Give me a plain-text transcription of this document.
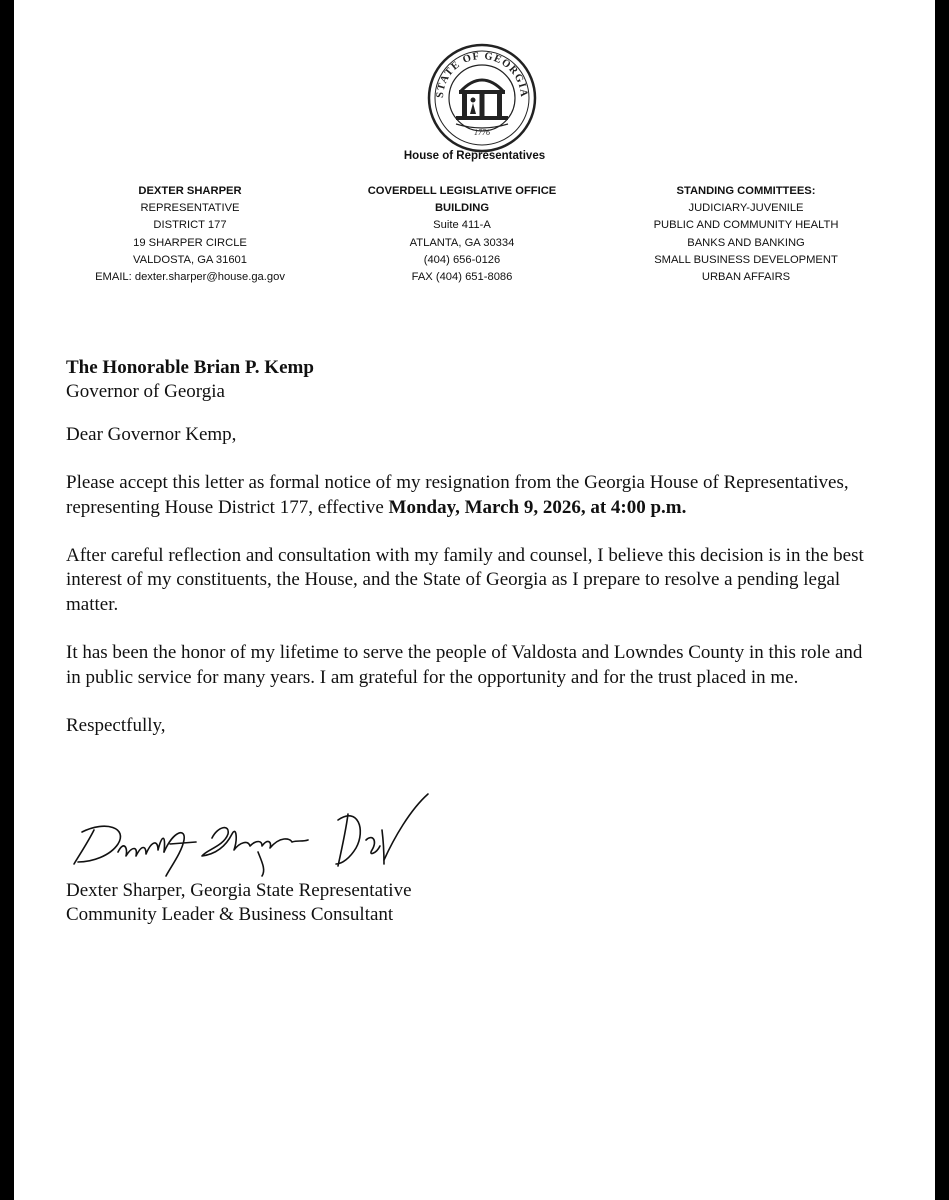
STATE OF GEORGIA
1776
House of Representatives
DEXTER SHARPER
REPRESENTATIVE
DISTRICT 177
19 SHARPER CIRCLE
VALDOSTA, GA 31601
EMAIL: dexter.sharper@house.ga.gov
COVERDELL LEGISLATIVE OFFICE
BUILDING
Suite 411-A
ATLANTA, GA 30334
(404) 656-0126
FAX (404) 651-8086
STANDING COMMITTEES:
JUDICIARY-JUVENILE
PUBLIC AND COMMUNITY HEALTH
BANKS AND BANKING
SMALL BUSINESS DEVELOPMENT
URBAN AFFAIRS

The Honorable Brian P. Kemp

Governor of Georgia

Dear Governor Kemp,

Please accept this letter as formal notice of my resignation from the Georgia House of Representatives, representing House District 177, effective Monday, March 9, 2026, at 4:00 p.m.

After careful reflection and consultation with my family and counsel, I believe this decision is in the best interest of my constituents, the House, and the State of Georgia as I prepare to resolve a pending legal matter.

It has been the honor of my lifetime to serve the people of Valdosta and Lowndes County in this role and in public service for many years. I am grateful for the opportunity and for the trust placed in me.

Respectfully,

Dexter Sharper, Georgia State Representative

Community Leader & Business Consultant
